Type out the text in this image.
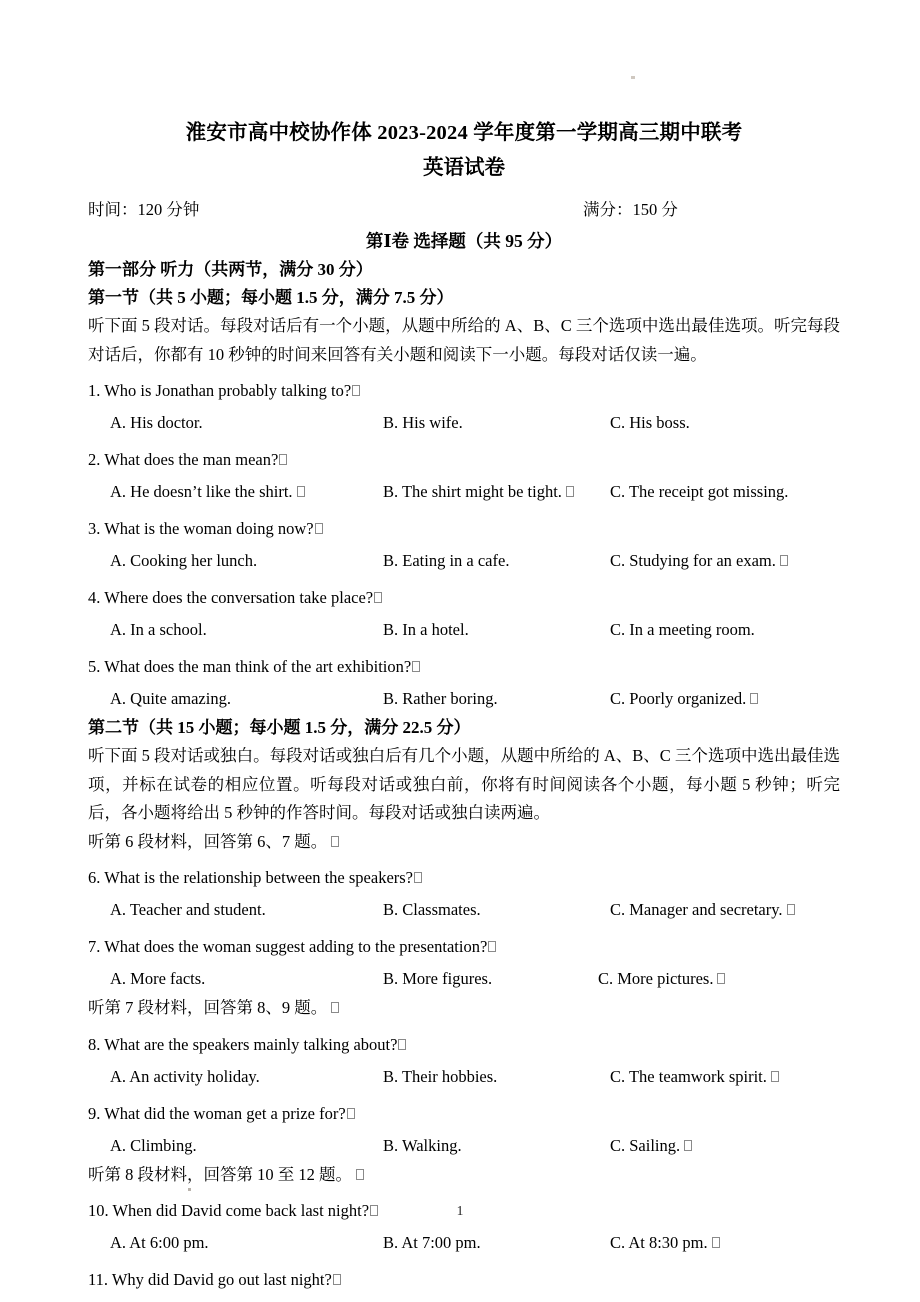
淮安市高中校协作体 2023-2024 学年度第一学期高三期中联考
英语试卷
时间：120 分钟	满分：150 分
第Ⅰ卷 选择题（共 95 分）
第一部分 听力（共两节，满分 30 分）
第一节（共 5 小题；每小题 1.5 分，满分 7.5 分）
听下面 5 段对话。每段对话后有一个小题，从题中所给的 A、B、C 三个选项中选出最佳选项。听完每段对话后，你都有 10 秒钟的时间来回答有关小题和阅读下一小题。每段对话仅读一遍。
1. Who is Jonathan probably talking to?
A. His doctor.	B. His wife.	C. His boss.
2. What does the man mean?
A. He doesn’t like the shirt.	B. The shirt might be tight.	C. The receipt got missing.
3. What is the woman doing now?
A. Cooking her lunch.	B. Eating in a cafe.	C. Studying for an exam.
4. Where does the conversation take place?
A. In a school.	B. In a hotel.	C. In a meeting room.
5. What does the man think of the art exhibition?
A. Quite amazing.	B. Rather boring.	C. Poorly organized.
第二节（共 15 小题；每小题 1.5 分，满分 22.5 分）
听下面 5 段对话或独白。每段对话或独白后有几个小题，从题中所给的 A、B、C 三个选项中选出最佳选项，并标在试卷的相应位置。听每段对话或独白前，你将有时间阅读各个小题，每小题 5 秒钟；听完后，各小题将给出 5 秒钟的作答时间。每段对话或独白读两遍。
听第 6 段材料，回答第 6、7 题。
6. What is the relationship between the speakers?
A. Teacher and student.	B. Classmates.	C. Manager and secretary.
7. What does the woman suggest adding to the presentation?
A. More facts.	B. More figures.	C. More pictures.
听第 7 段材料，回答第 8、9 题。
8. What are the speakers mainly talking about?
A. An activity holiday.	B. Their hobbies.	C. The teamwork spirit.
9. What did the woman get a prize for?
A. Climbing.	B. Walking.	C. Sailing.
听第 8 段材料，回答第 10 至 12 题。
10. When did David come back last night?
A. At 6:00 pm.	B. At 7:00 pm.	C. At 8:30 pm.
11. Why did David go out last night?
1
